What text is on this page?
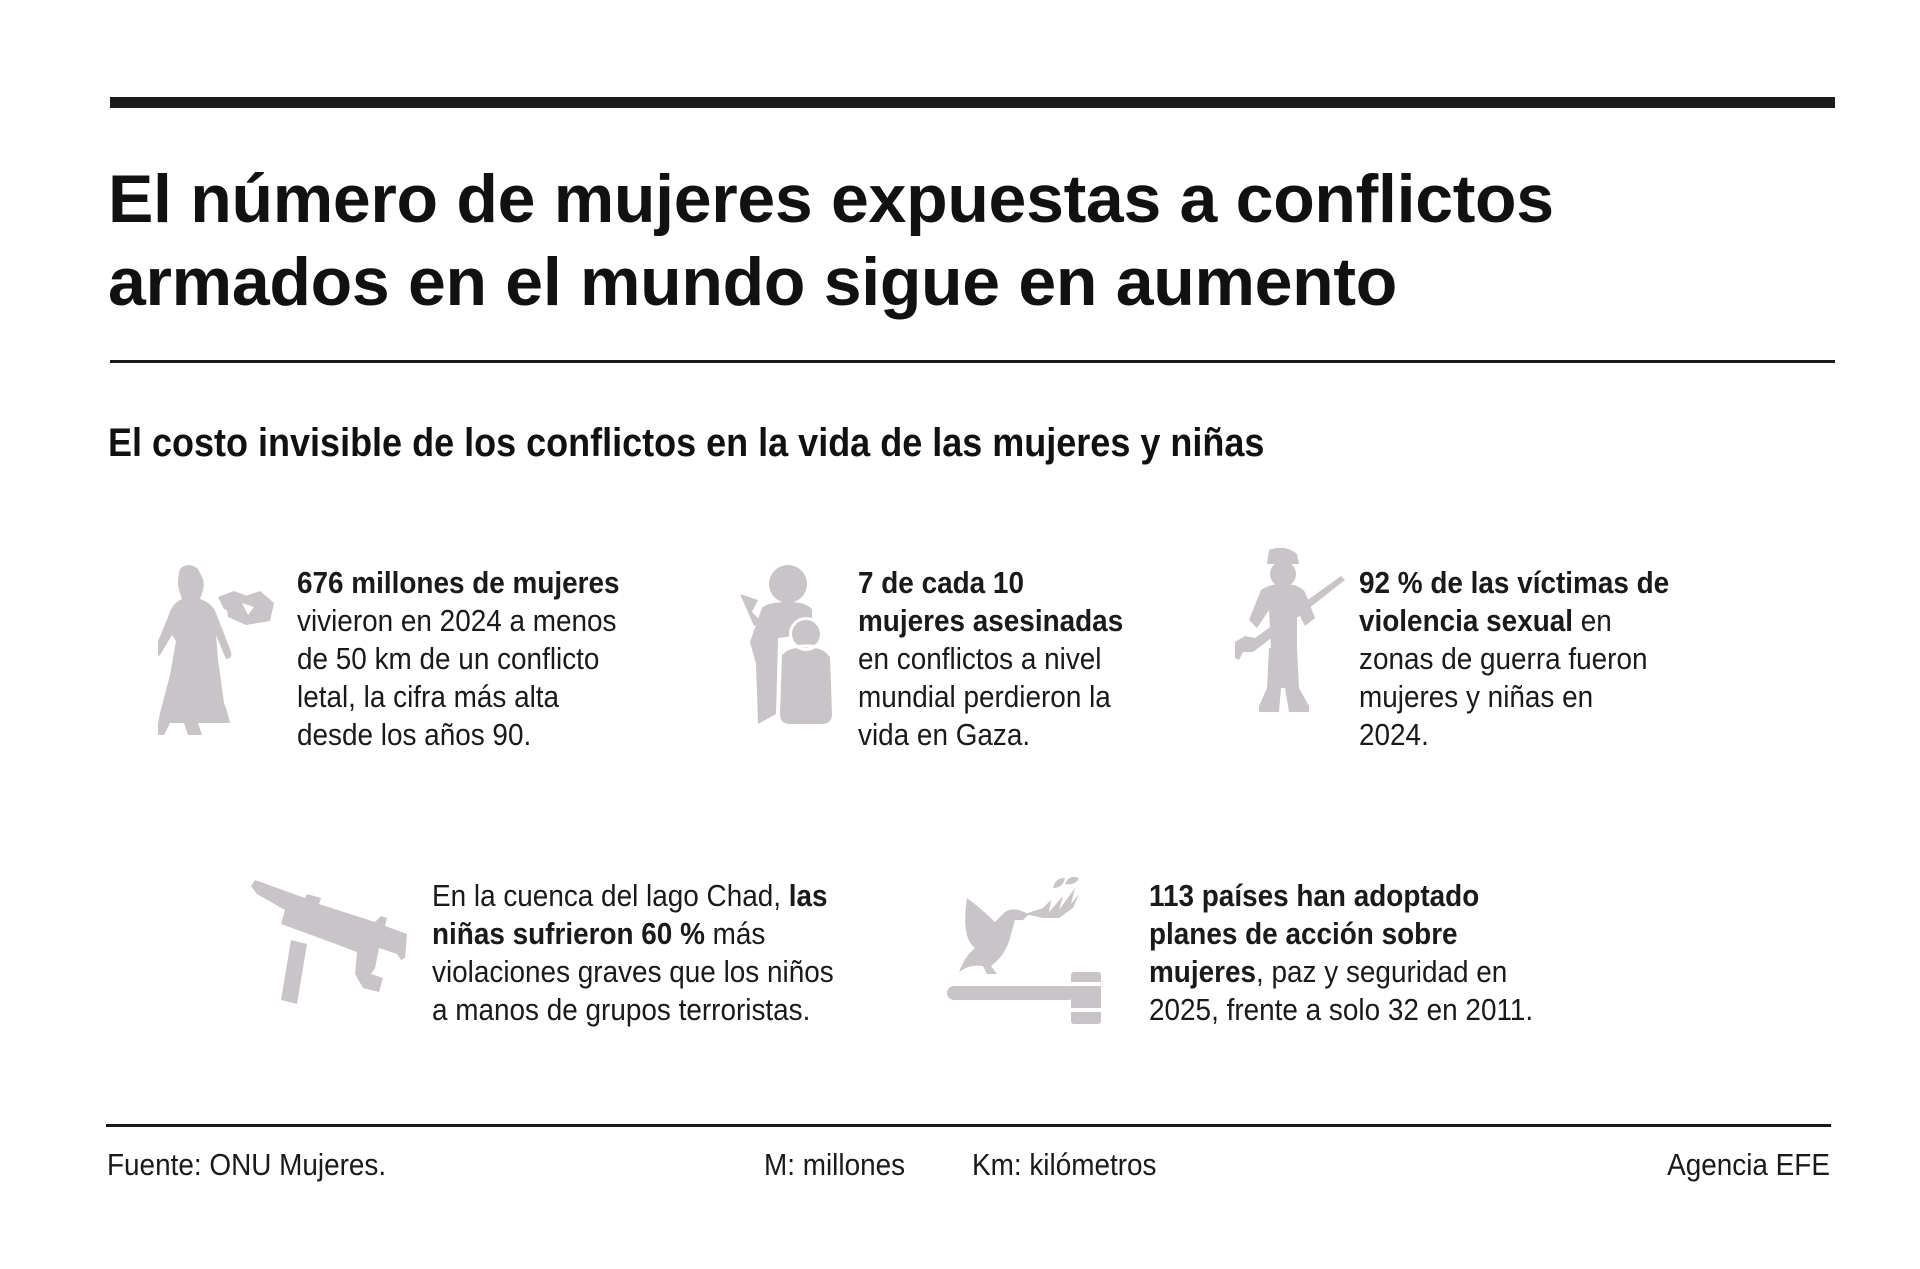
El número de mujeres expuestas a conflictos
armados en el mundo sigue en aumento
El costo invisible de los conflictos en la vida de las mujeres y niñas
676 millones de mujeres
vivieron en 2024 a menos
de 50 km de un conflicto
letal, la cifra más alta
desde los años 90.
7 de cada 10
mujeres asesinadas
en conflictos a nivel
mundial perdieron la
vida en Gaza.
92 % de las víctimas de
violencia sexual en
zonas de guerra fueron
mujeres y niñas en
2024.
En la cuenca del lago Chad, las
niñas sufrieron 60 % más
violaciones graves que los niños
a manos de grupos terroristas.
113 países han adoptado
planes de acción sobre
mujeres, paz y seguridad en
2025, frente a solo 32 en 2011.
Fuente: ONU Mujeres.	M: millones Km: kilómetros	Agencia EFE
